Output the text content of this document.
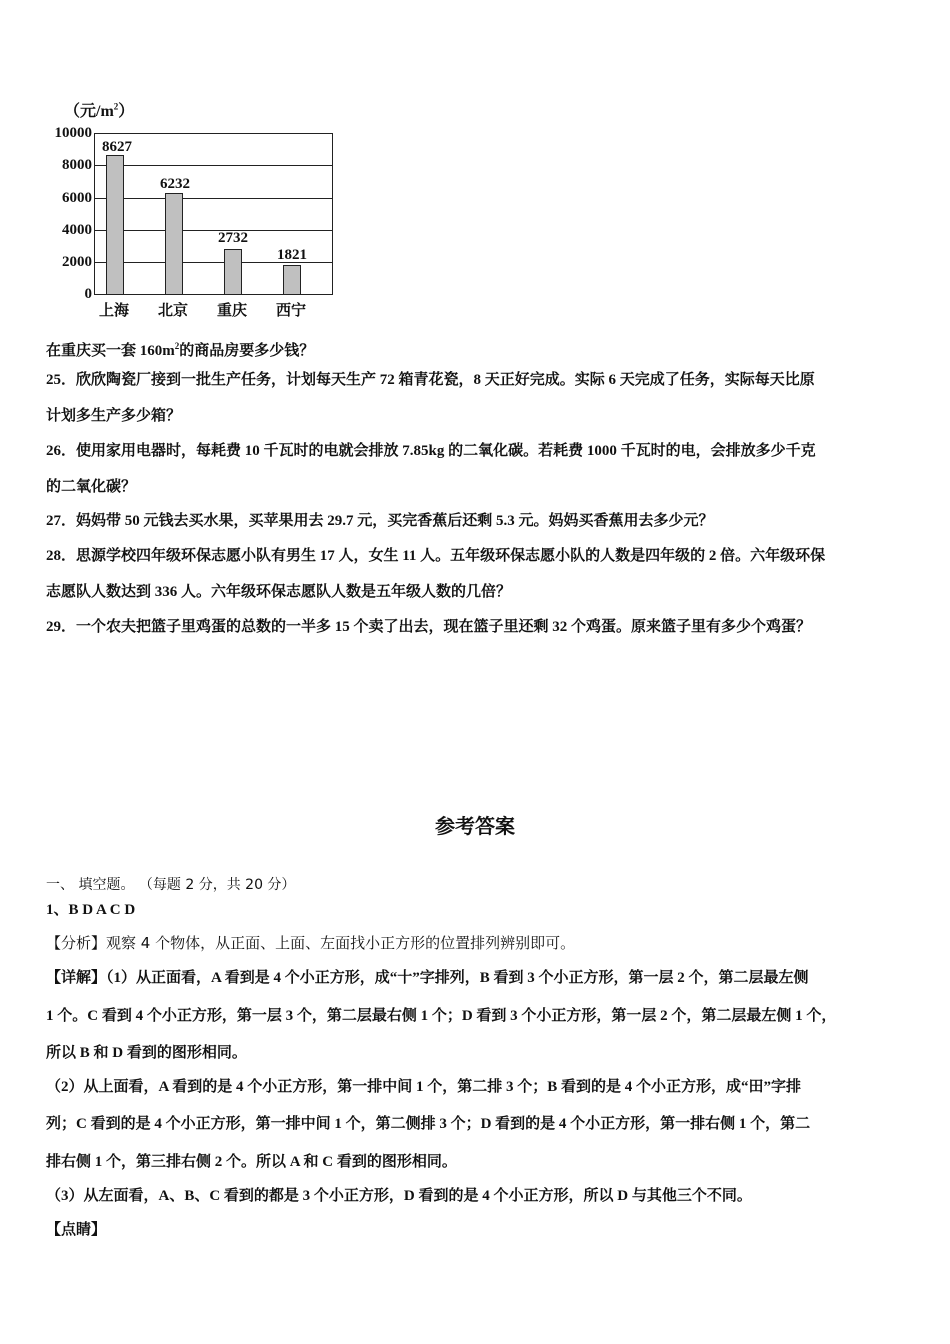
（元$/m^2$）
10000
8000
6000
4000
2000
0
8627
6232
2732
1821
上海	北京	重庆	西宁
在重庆买一套 $160m^2$的商品房要多少钱？
25．欣欣陶瓷厂接到一批生产任务，计划每天生产 72 箱青花瓷，8 天正好完成。实际 6 天完成了任务，实际每天比原
计划多生产多少箱？
26．使用家用电器时，每耗费 10 千瓦时的电就会排放 7.85kg 的二氧化碳。若耗费 1000 千瓦时的电，会排放多少千克
的二氧化碳？
27．妈妈带 50 元钱去买水果，买苹果用去 29.7 元，买完香蕉后还剩 5.3 元。妈妈买香蕉用去多少元？
28．思源学校四年级环保志愿小队有男生 17 人，女生 11 人。五年级环保志愿小队的人数是四年级的 2 倍。六年级环保
志愿队人数达到 336 人。六年级环保志愿队人数是五年级人数的几倍？
29．一个农夫把篮子里鸡蛋的总数的一半多 15 个卖了出去，现在篮子里还剩 32 个鸡蛋。原来篮子里有多少个鸡蛋？
参考答案
一、 填空题。 （每题 2 分，共 20 分）
1、B D A C D
【分析】观察 4 个物体，从正面、上面、左面找小正方形的位置排列辨别即可。
【详解】（1）从正面看，A 看到是 4 个小正方形，成“十”字排列，B 看到 3 个小正方形，第一层 2 个，第二层最左侧
1 个。C 看到 4 个小正方形，第一层 3 个，第二层最右侧 1 个；D 看到 3 个小正方形，第一层 2 个，第二层最左侧 1 个，
所以 B 和 D 看到的图形相同。
（2）从上面看，A 看到的是 4 个小正方形，第一排中间 1 个，第二排 3 个；B 看到的是 4 个小正方形，成“田”字排
列；C 看到的是 4 个小正方形，第一排中间 1 个，第二侧排 3 个；D 看到的是 4 个小正方形，第一排右侧 1 个，第二
排右侧 1 个，第三排右侧 2 个。所以 A 和 C 看到的图形相同。
（3）从左面看，A、B、C 看到的都是 3 个小正方形，D 看到的是 4 个小正方形，所以 D 与其他三个不同。
【点睛】
